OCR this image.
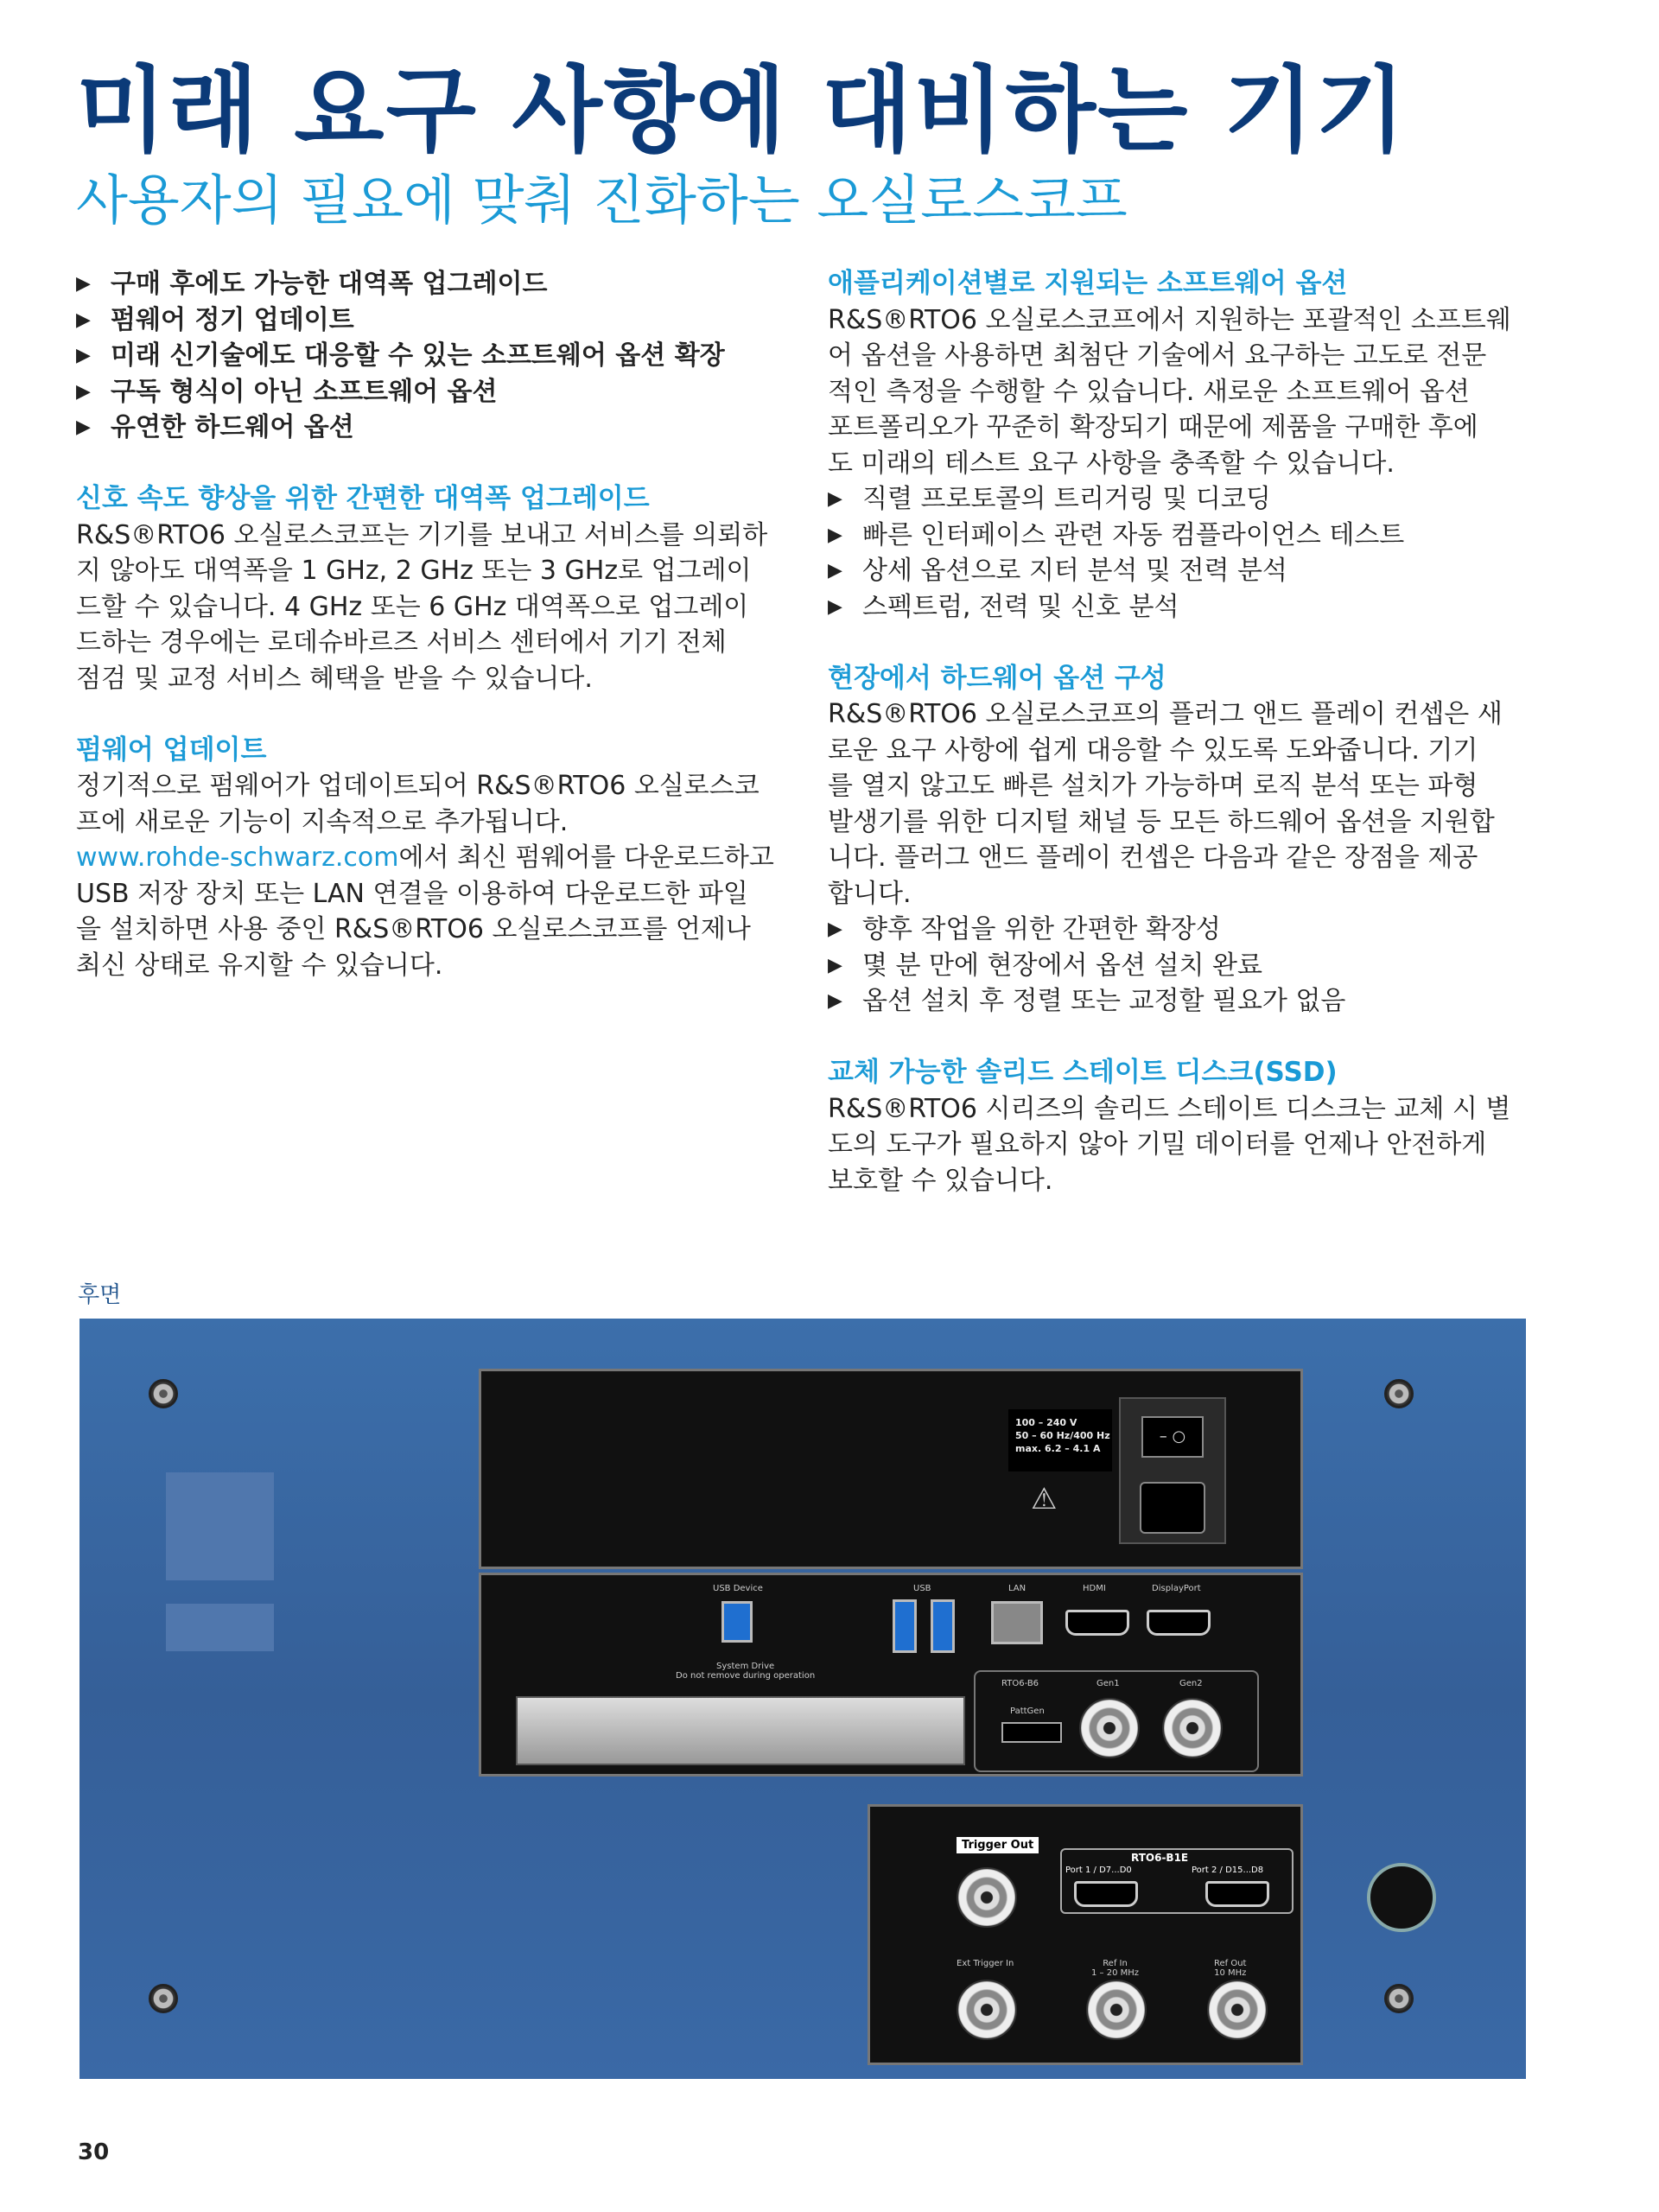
미래 요구 사항에 대비하는 기기
사용자의 필요에 맞춰 진화하는 오실로스코프
▶ 구매 후에도 가능한 대역폭 업그레이드
▶ 펌웨어 정기 업데이트
▶ 미래 신기술에도 대응할 수 있는 소프트웨어 옵션 확장
▶ 구독 형식이 아닌 소프트웨어 옵션
▶ 유연한 하드웨어 옵션
신호 속도 향상을 위한 간편한 대역폭 업그레이드
R&S®RTO6 오실로스코프는 기기를 보내고 서비스를 의뢰하
지 않아도 대역폭을 1 GHz, 2 GHz 또는 3 GHz로 업그레이
드할 수 있습니다. 4 GHz 또는 6 GHz 대역폭으로 업그레이
드하는 경우에는 로데슈바르즈 서비스 센터에서 기기 전체
점검 및 교정 서비스 혜택을 받을 수 있습니다.
펌웨어 업데이트
정기적으로 펌웨어가 업데이트되어 R&S®RTO6 오실로스코
프에 새로운 기능이 지속적으로 추가됩니다.
www.rohde-schwarz.com에서 최신 펌웨어를 다운로드하고
USB 저장 장치 또는 LAN 연결을 이용하여 다운로드한 파일
을 설치하면 사용 중인 R&S®RTO6 오실로스코프를 언제나
최신 상태로 유지할 수 있습니다.
애플리케이션별로 지원되는 소프트웨어 옵션
R&S®RTO6 오실로스코프에서 지원하는 포괄적인 소프트웨
어 옵션을 사용하면 최첨단 기술에서 요구하는 고도로 전문
적인 측정을 수행할 수 있습니다. 새로운 소프트웨어 옵션
포트폴리오가 꾸준히 확장되기 때문에 제품을 구매한 후에
도 미래의 테스트 요구 사항을 충족할 수 있습니다.
▶ 직렬 프로토콜의 트리거링 및 디코딩
▶ 빠른 인터페이스 관련 자동 컴플라이언스 테스트
▶ 상세 옵션으로 지터 분석 및 전력 분석
▶ 스펙트럼, 전력 및 신호 분석
현장에서 하드웨어 옵션 구성
R&S®RTO6 오실로스코프의 플러그 앤드 플레이 컨셉은 새
로운 요구 사항에 쉽게 대응할 수 있도록 도와줍니다. 기기
를 열지 않고도 빠른 설치가 가능하며 로직 분석 또는 파형
발생기를 위한 디지털 채널 등 모든 하드웨어 옵션을 지원합
니다. 플러그 앤드 플레이 컨셉은 다음과 같은 장점을 제공
합니다.
▶ 향후 작업을 위한 간편한 확장성
▶ 몇 분 만에 현장에서 옵션 설치 완료
▶ 옵션 설치 후 정렬 또는 교정할 필요가 없음
교체 가능한 솔리드 스테이트 디스크(SSD)
R&S®RTO6 시리즈의 솔리드 스테이트 디스크는 교체 시 별
도의 도구가 필요하지 않아 기밀 데이터를 언제나 안전하게
보호할 수 있습니다.
후면
100 – 240 V
50 – 60 Hz/400 Hz
max. 6.2 – 4.1 A
– ○
⚠
USB Device	USB	LAN	HDMI	DisplayPort
System Drive
Do not remove during operation
RTO6-B6	Gen1	Gen2
PattGen
Trigger Out
RTO6-B1E
Port 1 / D7...D0	Port 2 / D15...D8
Ext Trigger In	Ref In
1 – 20 MHz
Ref Out
10 MHz
30
